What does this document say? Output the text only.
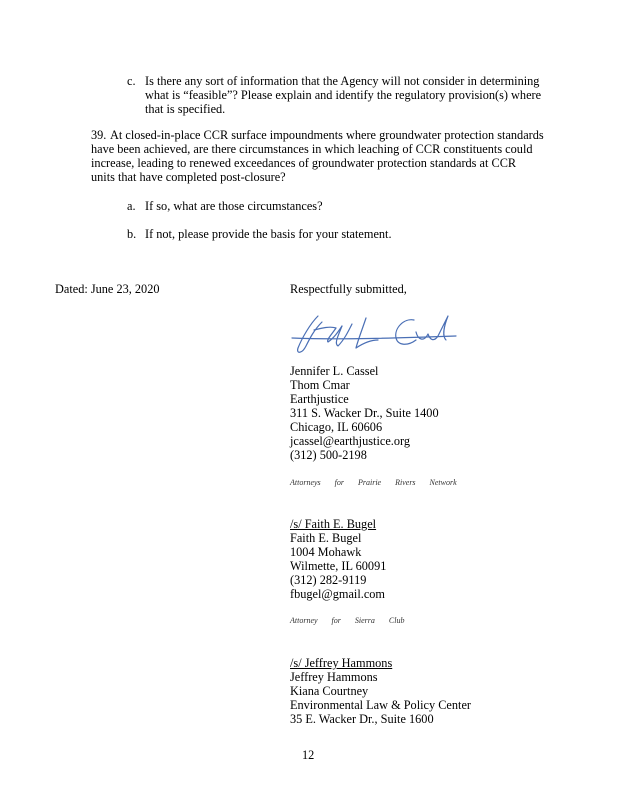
c. Is there any sort of information that the Agency will not consider in determining
what is “feasible”? Please explain and identify the regulatory provision(s) where
that is specified.
39. At closed-in-place CCR surface impoundments where groundwater protection standards
have been achieved, are there circumstances in which leaching of CCR constituents could
increase, leading to renewed exceedances of groundwater protection standards at CCR
units that have completed post-closure?
a. If so, what are those circumstances?
b. If not, please provide the basis for your statement.
Dated: June 23, 2020	Respectfully submitted,
Jennifer L. Cassel
Thom Cmar
Earthjustice
311 S. Wacker Dr., Suite 1400
Chicago, IL 60606
jcassel@earthjustice.org
(312) 500-2198
Attorneys for Prairie Rivers Network
/s/ Faith E. Bugel
Faith E. Bugel
1004 Mohawk
Wilmette, IL 60091
(312) 282-9119
fbugel@gmail.com
Attorney for Sierra Club
/s/ Jeffrey Hammons
Jeffrey Hammons
Kiana Courtney
Environmental Law & Policy Center
35 E. Wacker Dr., Suite 1600
12
